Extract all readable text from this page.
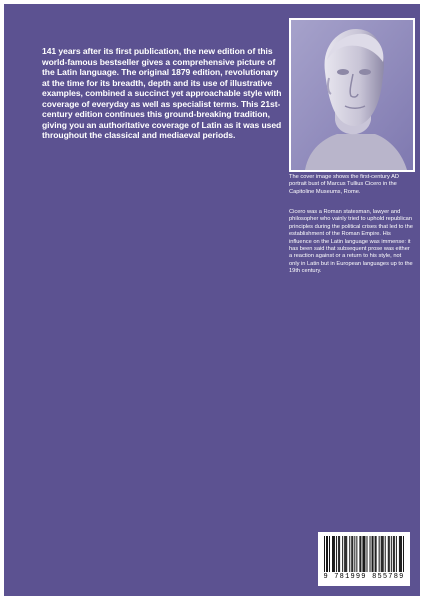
141 years after its first publication, the new edition of this world-famous bestseller gives a comprehensive picture of the Latin language. The original 1879 edition, revolutionary at the time for its breadth, depth and its use of illustrative examples, combined a succinct yet approachable style with coverage of everyday as well as specialist terms. This 21st-century edition continues this ground-breaking tradition, giving you an authoritative coverage of Latin as it was used throughout the classical and mediaeval periods.

The cover image shows the first-century AD portrait bust of Marcus Tullius Cicero in the Capitoline Museums, Rome.

Cicero was a Roman statesman, lawyer and philosopher who vainly tried to uphold republican principles during the political crises that led to the establishment of the Roman Empire. His influence on the Latin language was immense: it has been said that subsequent prose was either a reaction against or a return to his style, not only in Latin but in European languages up to the 19th century.

9 781999 855789
